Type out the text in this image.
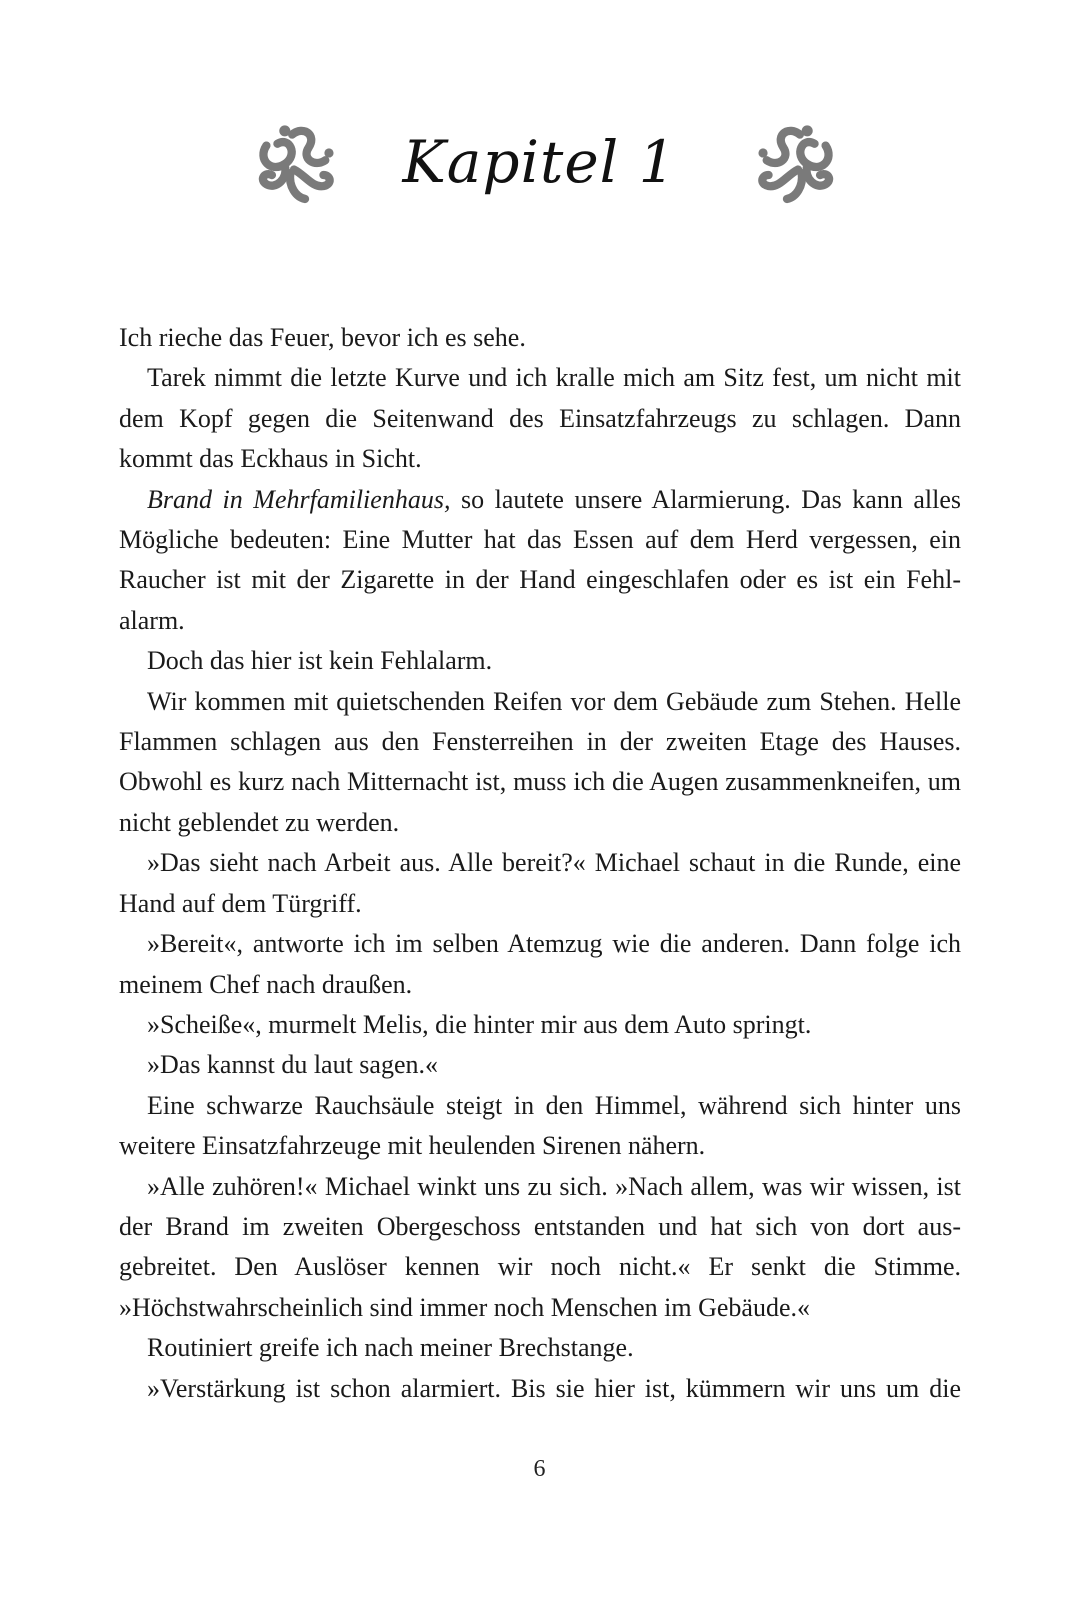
Kapitel 1

Ich rieche das Feuer, bevor ich es sehe.

Tarek nimmt die letzte Kurve und ich kralle mich am Sitz fest, um nicht mit dem Kopf gegen die Seitenwand des Einsatzfahrzeugs zu schlagen. Dann kommt das Eckhaus in Sicht.

Brand in Mehrfamilienhaus, so lautete unsere Alarmierung. Das kann alles Mögliche bedeuten: Eine Mutter hat das Essen auf dem Herd vergessen, ein Raucher ist mit der Zigarette in der Hand eingeschlafen oder es ist ein Fehlalarm.

Doch das hier ist kein Fehlalarm.

Wir kommen mit quietschenden Reifen vor dem Gebäude zum Stehen. Helle Flammen schlagen aus den Fensterreihen in der zweiten Etage des Hauses. Obwohl es kurz nach Mitternacht ist, muss ich die Augen zusammenkneifen, um nicht geblendet zu werden.

»Das sieht nach Arbeit aus. Alle bereit?« Michael schaut in die Runde, eine Hand auf dem Türgriff.

»Bereit«, antworte ich im selben Atemzug wie die anderen. Dann folge ich meinem Chef nach draußen.

»Scheiße«, murmelt Melis, die hinter mir aus dem Auto springt.

»Das kannst du laut sagen.«

Eine schwarze Rauchsäule steigt in den Himmel, während sich hinter uns weitere Einsatzfahrzeuge mit heulenden Sirenen nähern.

»Alle zuhören!« Michael winkt uns zu sich. »Nach allem, was wir wissen, ist der Brand im zweiten Obergeschoss entstanden und hat sich von dort ausgebreitet. Den Auslöser kennen wir noch nicht.« Er senkt die Stimme. »Höchstwahrscheinlich sind immer noch Menschen im Gebäude.«

Routiniert greife ich nach meiner Brechstange.

»Verstärkung ist schon alarmiert. Bis sie hier ist, kümmern wir uns um die

6
